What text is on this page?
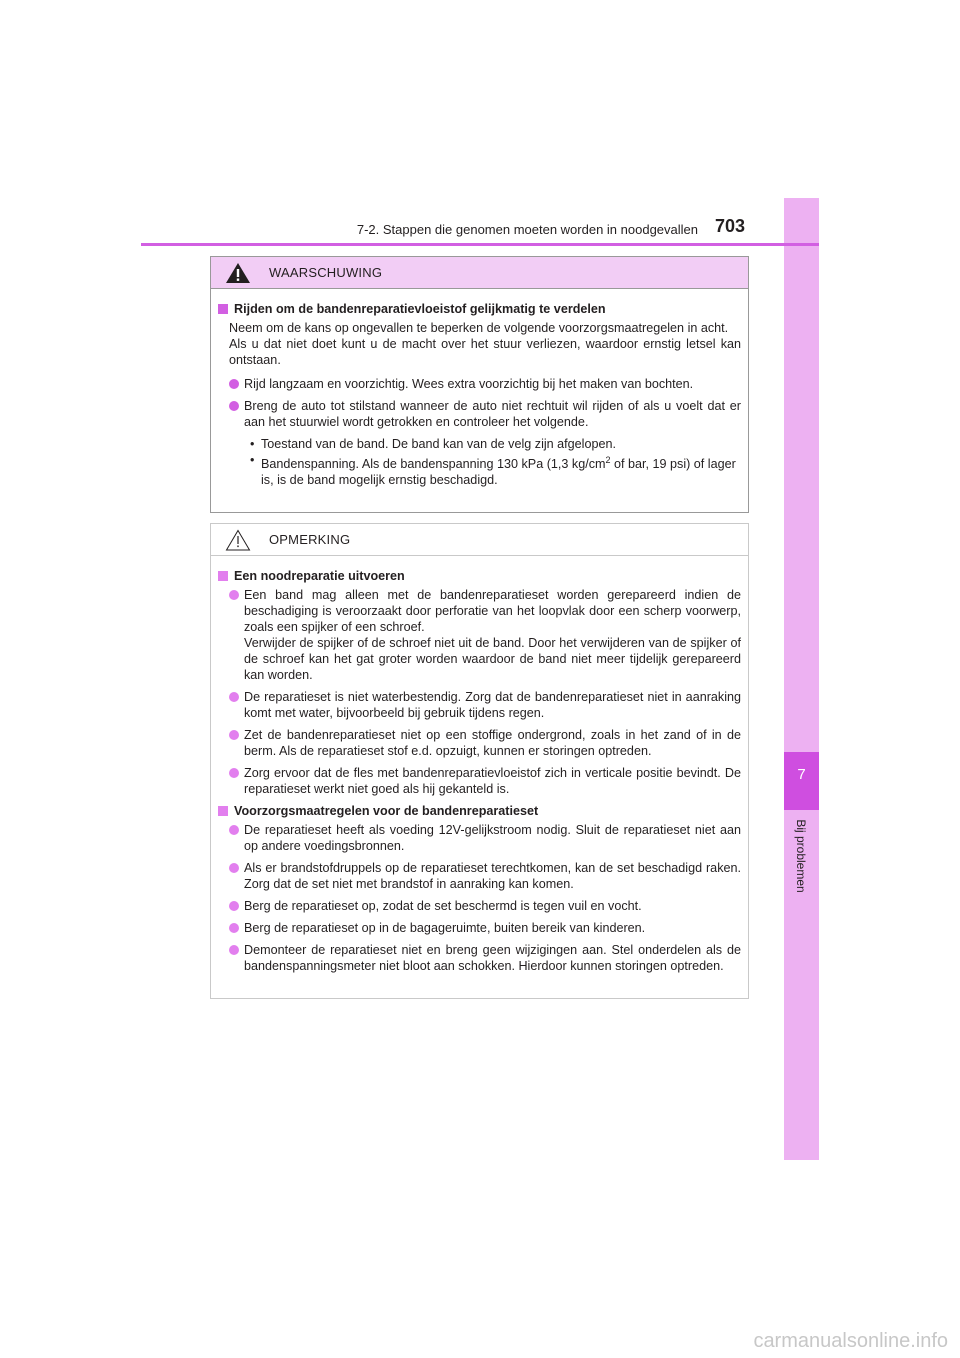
7
Bij problemen
7-2. Stappen die genomen moeten worden in noodgevallen 703
WAARSCHUWING
Rijden om de bandenreparatievloeistof gelijkmatig te verdelen
Neem om de kans op ongevallen te beperken de volgende voorzorgsmaatregelen in acht.
Als u dat niet doet kunt u de macht over het stuur verliezen, waardoor ernstig letsel kan ontstaan.
Rijd langzaam en voorzichtig. Wees extra voorzichtig bij het maken van bochten.
Breng de auto tot stilstand wanneer de auto niet rechtuit wil rijden of als u voelt dat er aan het stuurwiel wordt getrokken en controleer het volgende.
• Toestand van de band. De band kan van de velg zijn afgelopen.
• Bandenspanning. Als de bandenspanning 130 kPa (1,3 $kg/cm^2$ of bar, 19 psi) of lager is, is de band mogelijk ernstig beschadigd.
OPMERKING
Een noodreparatie uitvoeren
Een band mag alleen met de bandenreparatieset worden gerepareerd indien de beschadiging is veroorzaakt door perforatie van het loopvlak door een scherp voorwerp, zoals een spijker of een schroef.
Verwijder de spijker of de schroef niet uit de band. Door het verwijderen van de spijker of de schroef kan het gat groter worden waardoor de band niet meer tijdelijk gerepareerd kan worden.
De reparatieset is niet waterbestendig. Zorg dat de bandenreparatieset niet in aanraking komt met water, bijvoorbeeld bij gebruik tijdens regen.
Zet de bandenreparatieset niet op een stoffige ondergrond, zoals in het zand of in de berm. Als de reparatieset stof e.d. opzuigt, kunnen er storingen optreden.
Zorg ervoor dat de fles met bandenreparatievloeistof zich in verticale positie bevindt. De reparatieset werkt niet goed als hij gekanteld is.
Voorzorgsmaatregelen voor de bandenreparatieset
De reparatieset heeft als voeding 12V-gelijkstroom nodig. Sluit de reparatieset niet aan op andere voedingsbronnen.
Als er brandstofdruppels op de reparatieset terechtkomen, kan de set beschadigd raken. Zorg dat de set niet met brandstof in aanraking kan komen.
Berg de reparatieset op, zodat de set beschermd is tegen vuil en vocht.
Berg de reparatieset op in de bagageruimte, buiten bereik van kinderen.
Demonteer de reparatieset niet en breng geen wijzigingen aan. Stel onderdelen als de bandenspanningsmeter niet bloot aan schokken. Hierdoor kunnen storingen optreden.
carmanualsonline.info
